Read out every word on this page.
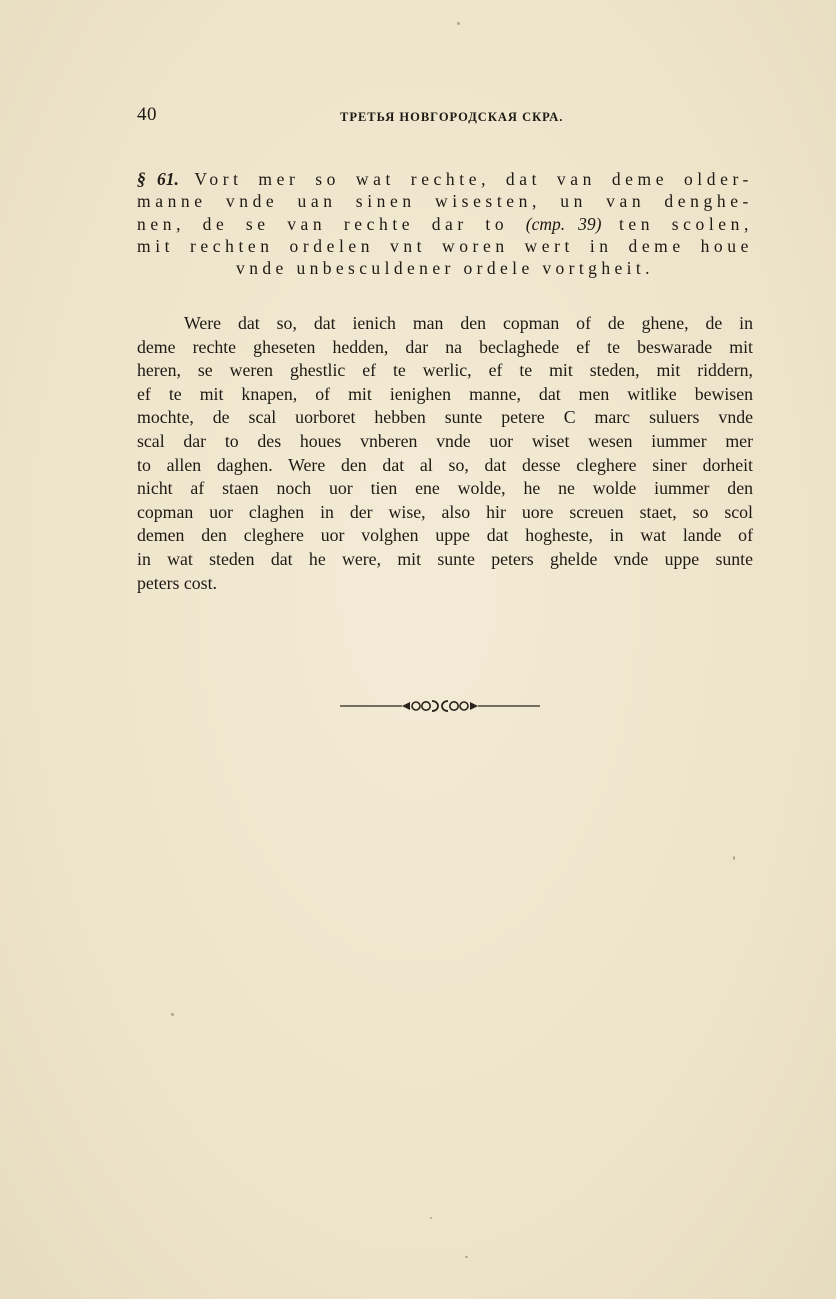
40	ТРЕТЬЯ НОВГОРОДСКАЯ СКРА.
§ 61. Vort mer so wat rechte, dat van deme older-
manne vnde uan sinen wisesten, un van denghe-
nen, de se van rechte dar to (cmp. 39) ten scolen,
mit rechten ordelen vnt woren wert in deme houe
vnde unbesculdener ordele vortgheit.
Were dat so, dat ienich man den copman of de ghene, de in
deme rechte gheseten hedden, dar na beclaghede ef te beswarade mit
heren, se weren ghestlic ef te werlic, ef te mit steden, mit riddern,
ef te mit knapen, of mit ienighen manne, dat men witlike bewisen
mochte, de scal uorboret hebben sunte petere C marc suluers vnde
scal dar to des houes vnberen vnde uor wiset wesen iummer mer
to allen daghen. Were den dat al so, dat desse cleghere siner dorheit
nicht af staen noch uor tien ene wolde, he ne wolde iummer den
copman uor claghen in der wise, also hir uore screuen staet, so scol
demen den cleghere uor volghen uppe dat hogheste, in wat lande of
in wat steden dat he were, mit sunte peters ghelde vnde uppe sunte
peters cost.
